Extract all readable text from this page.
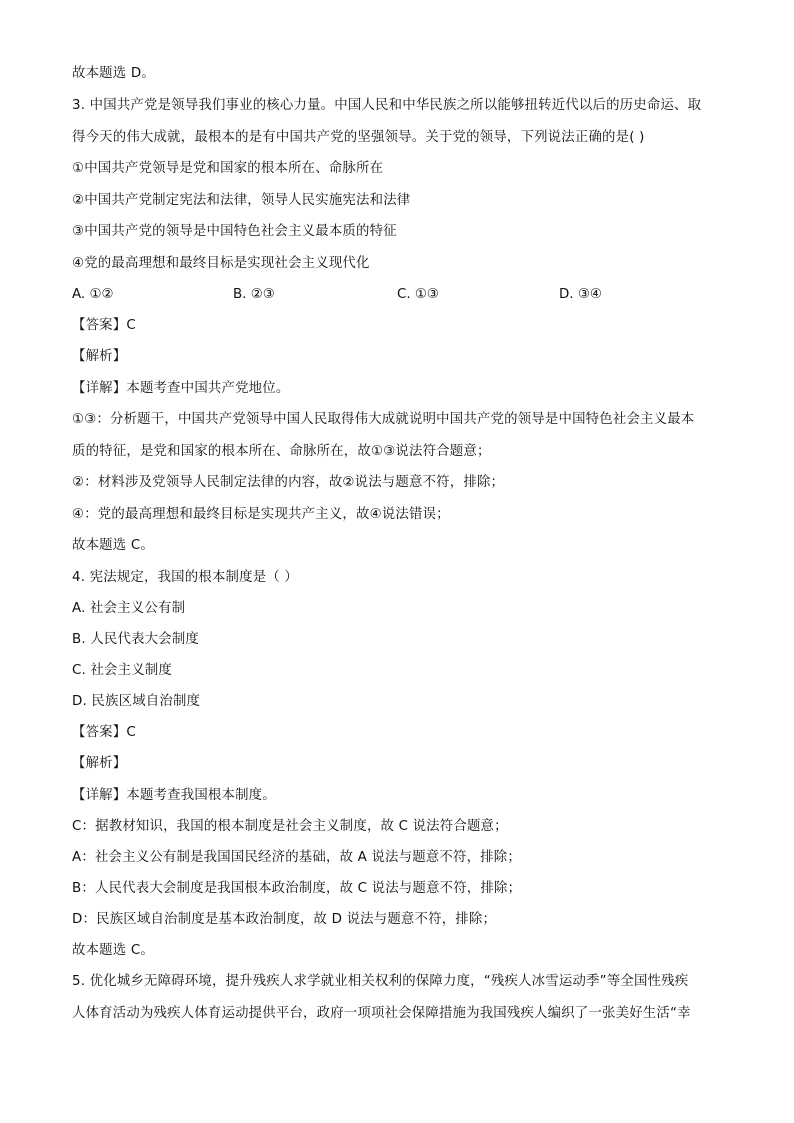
故本题选 D。
3. 中国共产党是领导我们事业的核心力量。中国人民和中华民族之所以能够扭转近代以后的历史命运、取
得今天的伟大成就，最根本的是有中国共产党的坚强领导。关于党的领导，下列说法正确的是( )
①中国共产党领导是党和国家的根本所在、命脉所在
②中国共产党制定宪法和法律，领导人民实施宪法和法律
③中国共产党的领导是中国特色社会主义最本质的特征
④党的最高理想和最终目标是实现社会主义现代化
A. ①②	B. ②③	C. ①③	D. ③④
【答案】C
【解析】
【详解】本题考查中国共产党地位。
①③：分析题干，中国共产党领导中国人民取得伟大成就说明中国共产党的领导是中国特色社会主义最本
质的特征，是党和国家的根本所在、命脉所在，故①③说法符合题意；
②：材料涉及党领导人民制定法律的内容，故②说法与题意不符，排除；
④：党的最高理想和最终目标是实现共产主义，故④说法错误；
故本题选 C。
4. 宪法规定，我国的根本制度是（ ）
A. 社会主义公有制
B. 人民代表大会制度
C. 社会主义制度
D. 民族区域自治制度
【答案】C
【解析】
【详解】本题考查我国根本制度。
C：据教材知识，我国的根本制度是社会主义制度，故 C 说法符合题意；
A：社会主义公有制是我国国民经济的基础，故 A 说法与题意不符，排除；
B：人民代表大会制度是我国根本政治制度，故 C 说法与题意不符，排除；
D：民族区域自治制度是基本政治制度，故 D 说法与题意不符，排除；
故本题选 C。
5. 优化城乡无障碍环境，提升残疾人求学就业相关权利的保障力度，“残疾人冰雪运动季”等全国性残疾
人体育活动为残疾人体育运动提供平台，政府一项项社会保障措施为我国残疾人编织了一张美好生活“幸
